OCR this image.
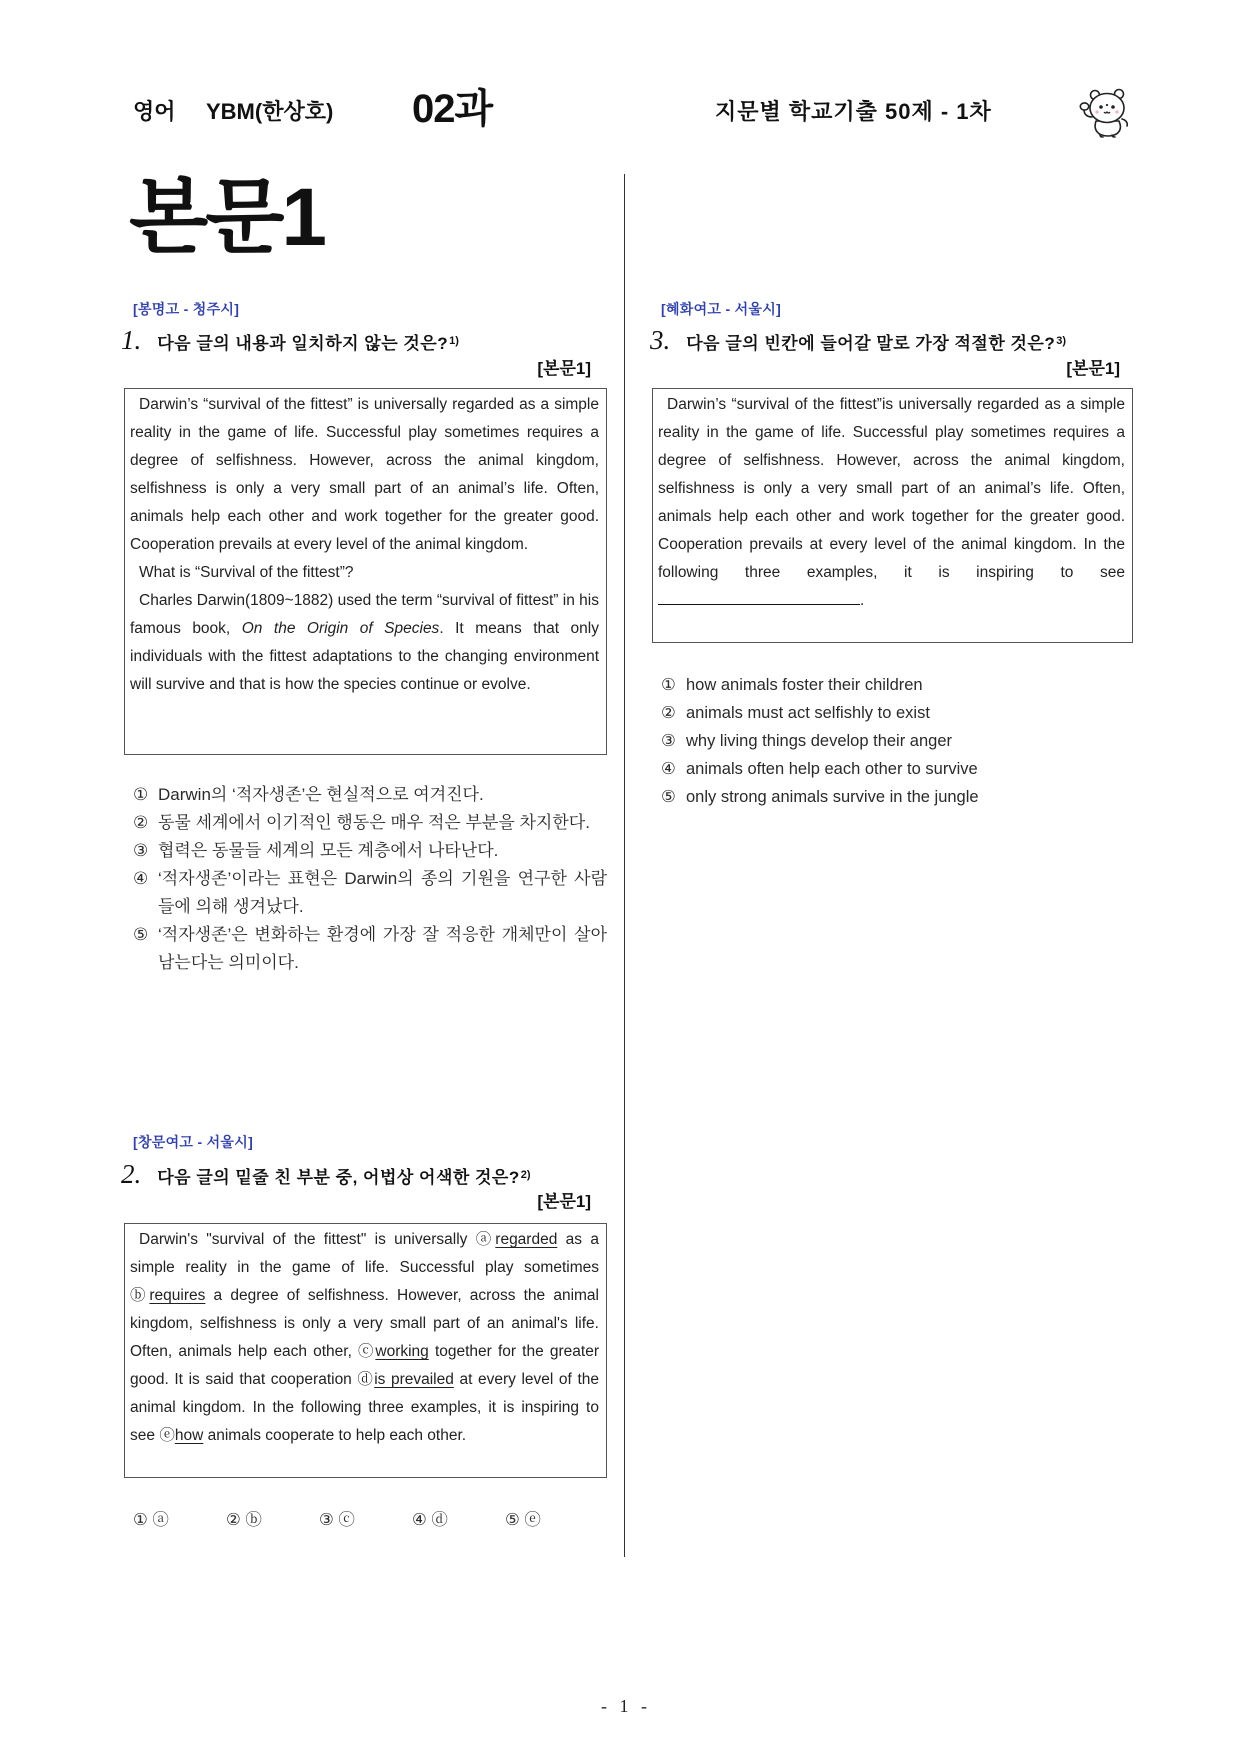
영어 YBM(한상호) 02과	지문별 학교기출 50제 - 1차
본문1
[봉명고 - 청주시]
1. 다음 글의 내용과 일치하지 않는 것은? 1)
[본문1]

Darwin’s “survival of the fittest” is universally regarded as a simple reality in the game of life. Successful play sometimes requires a degree of selfishness. However, across the animal kingdom, selfishness is only a very small part of an animal’s life. Often, animals help each other and work together for the greater good. Cooperation prevails at every level of the animal kingdom.

What is “Survival of the fittest”?

Charles Darwin(1809~1882) used the term “survival of fittest” in his famous book, On the Origin of Species. It means that only individuals with the fittest adaptations to the changing environment will survive and that is how the species continue or evolve.

① Darwin의 ‘적자생존’은 현실적으로 여겨진다.
② 동물 세계에서 이기적인 행동은 매우 적은 부분을 차지한다.
③ 협력은 동물들 세계의 모든 계층에서 나타난다.
④ ‘적자생존’이라는 표현은 Darwin의 종의 기원을 연구한 사람들에 의해 생겨났다.
⑤ ‘적자생존’은 변화하는 환경에 가장 잘 적응한 개체만이 살아남는다는 의미이다.
[창문여고 - 서울시]
2. 다음 글의 밑줄 친 부분 중, 어법상 어색한 것은? 2)
[본문1]

Darwin's "survival of the fittest" is universally ⓐregarded as a simple reality in the game of life. Successful play sometimes ⓑrequires a degree of selfishness. However, across the animal kingdom, selfishness is only a very small part of an animal's life. Often, animals help each other, ⓒworking together for the greater good. It is said that cooperation ⓓis prevailed at every level of the animal kingdom. In the following three examples, it is inspiring to see ⓔhow animals cooperate to help each other.

① ⓐ	② ⓑ	③ ⓒ	④ ⓓ	⑤ ⓔ
[혜화여고 - 서울시]
3. 다음 글의 빈칸에 들어갈 말로 가장 적절한 것은? 3)
[본문1]

Darwin’s “survival of the fittest”is universally regarded as a simple reality in the game of life. Successful play sometimes requires a degree of selfishness. However, across the animal kingdom, selfishness is only a very small part of an animal’s life. Often, animals help each other and work together for the greater good. Cooperation prevails at every level of the animal kingdom. In the following three examples, it is inspiring to see .

① how animals foster their children
② animals must act selfishly to exist
③ why living things develop their anger
④ animals often help each other to survive
⑤ only strong animals survive in the jungle
- 1 -
